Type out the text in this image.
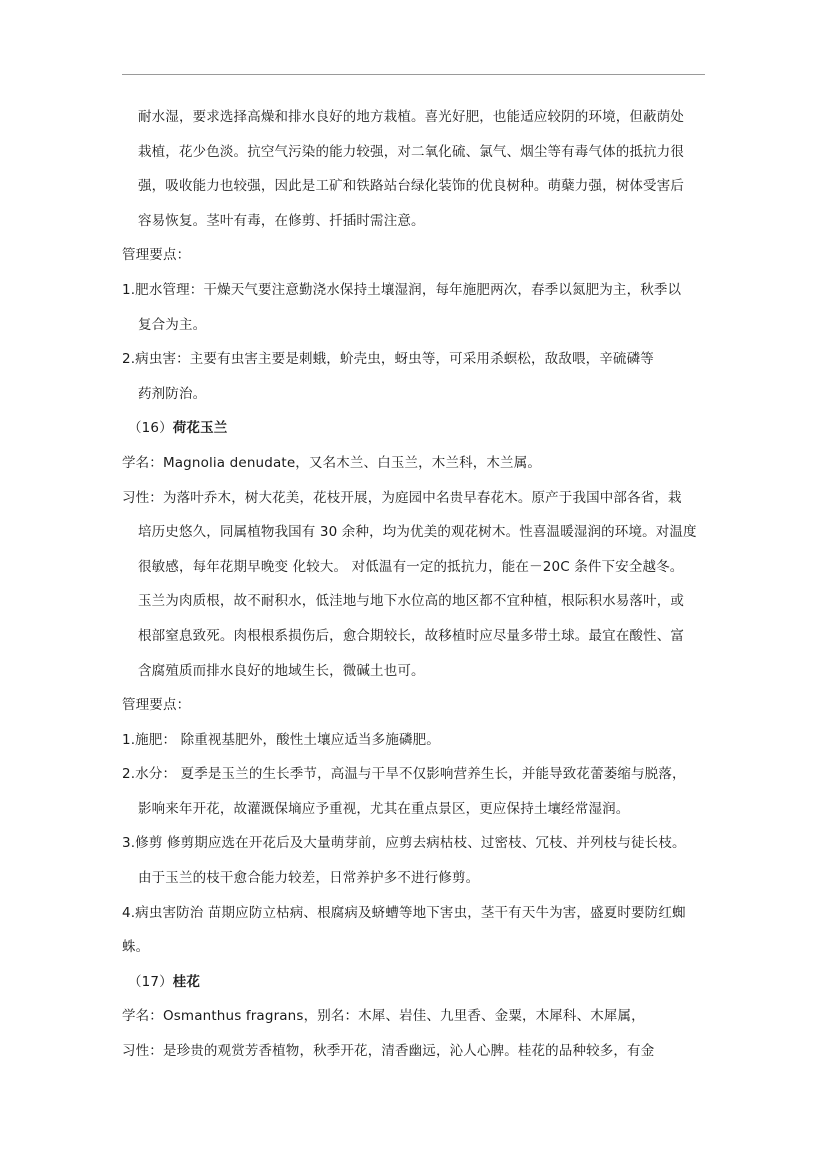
耐水湿，要求选择高燥和排水良好的地方栽植。喜光好肥，也能适应较阴的环境，但蔽荫处
栽植，花少色淡。抗空气污染的能力较强，对二氧化硫、氯气、烟尘等有毒气体的抵抗力很
强，吸收能力也较强，因此是工矿和铁路站台绿化装饰的优良树种。萌蘖力强，树体受害后
容易恢复。茎叶有毒，在修剪、扦插时需注意。
管理要点：
1.肥水管理：干燥天气要注意勤浇水保持土壤湿润，每年施肥两次，春季以氮肥为主，秋季以
复合为主。
2.病虫害：主要有虫害主要是刺蛾，蚧壳虫，蚜虫等，可采用杀螟松，敌敌喂，辛硫磷等
药剂防治。
（16）荷花玉兰
学名：Magnolia denudate，又名木兰、白玉兰，木兰科，木兰属。
习性：为落叶乔木，树大花美，花枝开展，为庭园中名贵早春花木。原产于我国中部各省，栽
培历史悠久，同属植物我国有 30 余种，均为优美的观花树木。性喜温暖湿润的环境。对温度
很敏感，每年花期早晚变 化较大。 对低温有一定的抵抗力，能在－20C 条件下安全越冬。
玉兰为肉质根，故不耐积水，低洼地与地下水位高的地区都不宜种植，根际积水易落叶，或
根部窒息致死。肉根根系损伤后，愈合期较长，故移植时应尽量多带土球。最宜在酸性、富
含腐殖质而排水良好的地域生长，微碱土也可。
管理要点：
1.施肥： 除重视基肥外，酸性土壤应适当多施磷肥。
2.水分： 夏季是玉兰的生长季节，高温与干旱不仅影响营养生长，并能导致花蕾萎缩与脱落，
影响来年开花，故灌溉保墒应予重视，尤其在重点景区，更应保持土壤经常湿润。
3.修剪 修剪期应选在开花后及大量萌芽前，应剪去病枯枝、过密枝、冗枝、并列枝与徒长枝。
由于玉兰的枝干愈合能力较差，日常养护多不进行修剪。
4.病虫害防治 苗期应防立枯病、根腐病及蛴螬等地下害虫，茎干有天牛为害，盛夏时要防红蜘
蛛。
（17）桂花
学名：Osmanthus fragrans，别名：木犀、岩佳、九里香、金粟，木犀科、木犀属，
习性：是珍贵的观赏芳香植物，秋季开花，清香幽远，沁人心脾。桂花的品种较多，有金
